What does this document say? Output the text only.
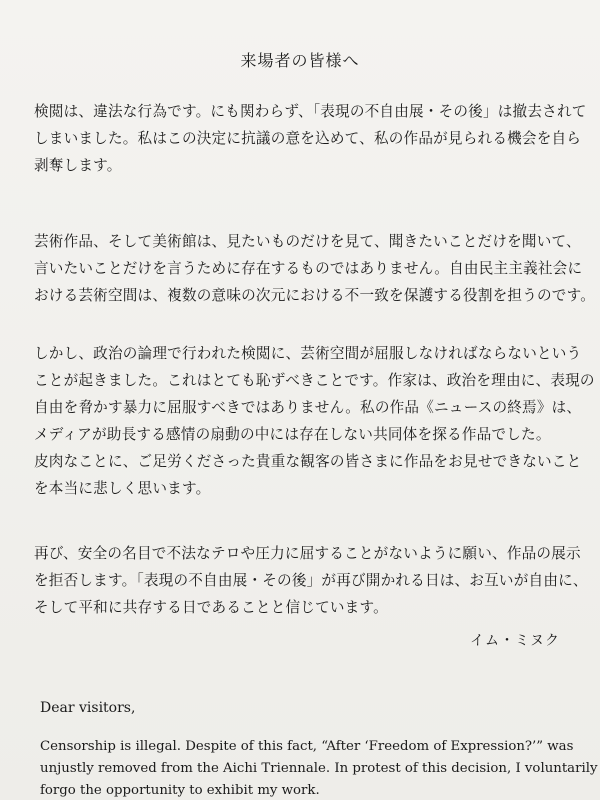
来場者の皆様へ

検閲は、違法な行為です。にも関わらず、「表現の不自由展・その後」は撤去されて
しまいました。私はこの決定に抗議の意を込めて、私の作品が見られる機会を自ら
剥奪します。

芸術作品、そして美術館は、見たいものだけを見て、聞きたいことだけを聞いて、
言いたいことだけを言うために存在するものではありません。自由民主主義社会に
おける芸術空間は、複数の意味の次元における不一致を保護する役割を担うのです。

しかし、政治の論理で行われた検閲に、芸術空間が屈服しなければならないという
ことが起きました。これはとても恥ずべきことです。作家は、政治を理由に、表現の
自由を脅かす暴力に屈服すべきではありません。私の作品《ニュースの終焉》は、
メディアが助長する感情の扇動の中には存在しない共同体を探る作品でした。
皮肉なことに、ご足労くださった貴重な観客の皆さまに作品をお見せできないこと
を本当に悲しく思います。

再び、安全の名目で不法なテロや圧力に屈することがないように願い、作品の展示
を拒否します。「表現の不自由展・その後」が再び開かれる日は、お互いが自由に、
そして平和に共存する日であることと信じています。

イム・ミヌク
Dear visitors,

Censorship is illegal. Despite of this fact, “After ‘Freedom of Expression?’” was
unjustly removed from the Aichi Triennale. In protest of this decision, I voluntarily
forgo the opportunity to exhibit my work.
